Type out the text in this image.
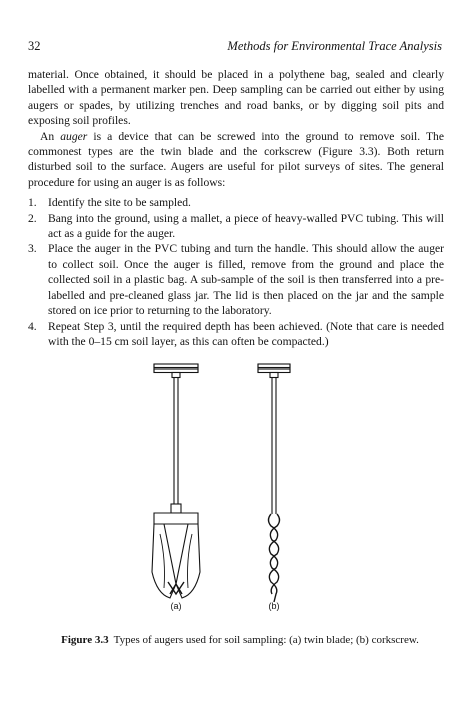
32	Methods for Environmental Trace Analysis

material. Once obtained, it should be placed in a polythene bag, sealed and clearly labelled with a permanent marker pen. Deep sampling can be carried out either by using augers or spades, by utilizing trenches and road banks, or by digging soil pits and exposing soil profiles.

An auger is a device that can be screwed into the ground to remove soil. The commonest types are the twin blade and the corkscrew (Figure 3.3). Both return disturbed soil to the surface. Augers are useful for pilot surveys of sites. The general procedure for using an auger is as follows:

1. Identify the site to be sampled.
2. Bang into the ground, using a mallet, a piece of heavy-walled PVC tubing. This will act as a guide for the auger.
3. Place the auger in the PVC tubing and turn the handle. This should allow the auger to collect soil. Once the auger is filled, remove from the ground and place the collected soil in a plastic bag. A sub-sample of the soil is then transferred into a pre-labelled and pre-cleaned glass jar. The lid is then placed on the jar and the sample stored on ice prior to returning to the laboratory.
4. Repeat Step 3, until the required depth has been achieved. (Note that care is needed with the 0–15 cm soil layer, as this can often be compacted.)
(a)	(b)
Figure 3.3 Types of augers used for soil sampling: (a) twin blade; (b) corkscrew.
